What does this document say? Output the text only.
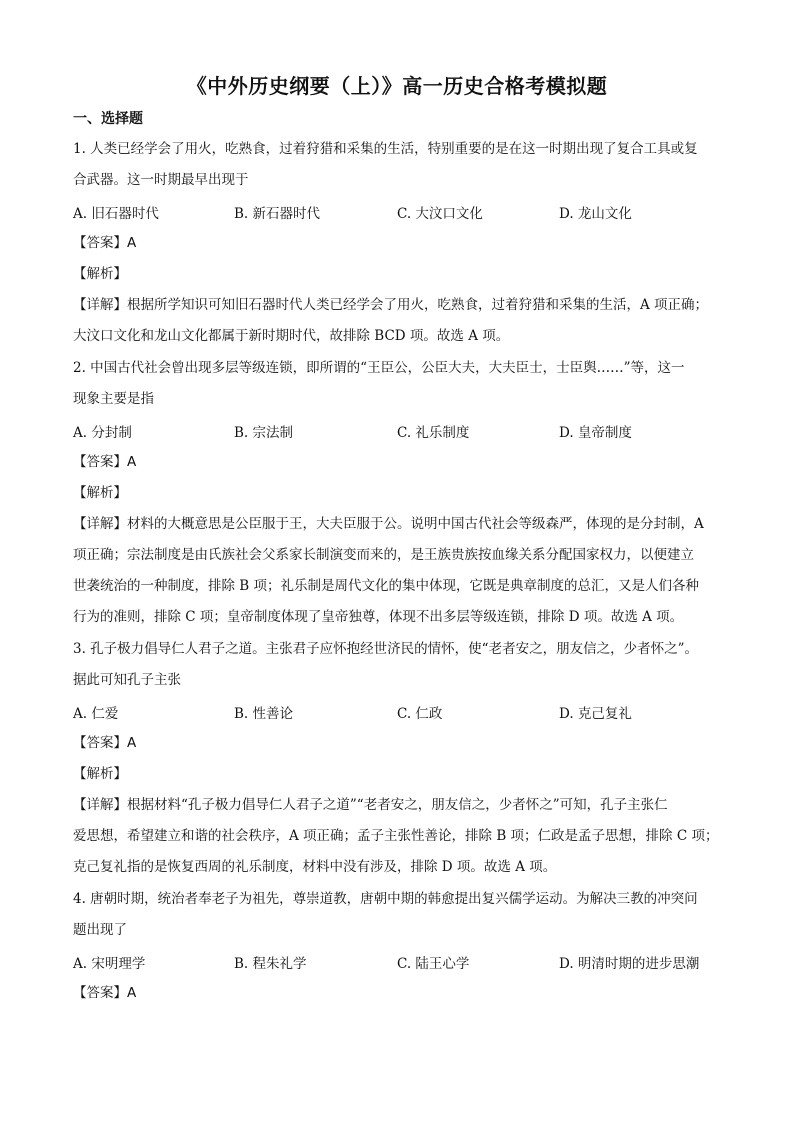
《中外历史纲要（上）》高一历史合格考模拟题
一、选择题
1. 人类已经学会了用火，吃熟食，过着狩猎和采集的生活，特别重要的是在这一时期出现了复合工具或复
合武器。这一时期最早出现于
A. 旧石器时代	B. 新石器时代	C. 大汶口文化	D. 龙山文化
【答案】A
【解析】
【详解】根据所学知识可知旧石器时代人类已经学会了用火，吃熟食，过着狩猎和采集的生活，A 项正确；
大汶口文化和龙山文化都属于新时期时代，故排除 BCD 项。故选 A 项。
2. 中国古代社会曾出现多层等级连锁，即所谓的“王臣公，公臣大夫，大夫臣士，士臣舆……”等，这一
现象主要是指
A. 分封制	B. 宗法制	C. 礼乐制度	D. 皇帝制度
【答案】A
【解析】
【详解】材料的大概意思是公臣服于王，大夫臣服于公。说明中国古代社会等级森严，体现的是分封制，A
项正确；宗法制度是由氏族社会父系家长制演变而来的，是王族贵族按血缘关系分配国家权力，以便建立
世袭统治的一种制度，排除 B 项；礼乐制是周代文化的集中体现，它既是典章制度的总汇，又是人们各种
行为的准则，排除 C 项；皇帝制度体现了皇帝独尊，体现不出多层等级连锁，排除 D 项。故选 A 项。
3. 孔子极力倡导仁人君子之道。主张君子应怀抱经世济民的情怀，使“老者安之，朋友信之，少者怀之”。
据此可知孔子主张
A. 仁爱	B. 性善论	C. 仁政	D. 克己复礼
【答案】A
【解析】
【详解】根据材料“孔子极力倡导仁人君子之道”“老者安之，朋友信之，少者怀之”可知，孔子主张仁
爱思想，希望建立和谐的社会秩序，A 项正确；孟子主张性善论，排除 B 项；仁政是孟子思想，排除 C 项；
克己复礼指的是恢复西周的礼乐制度，材料中没有涉及，排除 D 项。故选 A 项。
4. 唐朝时期，统治者奉老子为祖先，尊崇道教，唐朝中期的韩愈提出复兴儒学运动。为解决三教的冲突问
题出现了
A. 宋明理学	B. 程朱礼学	C. 陆王心学	D. 明清时期的进步思潮
【答案】A
